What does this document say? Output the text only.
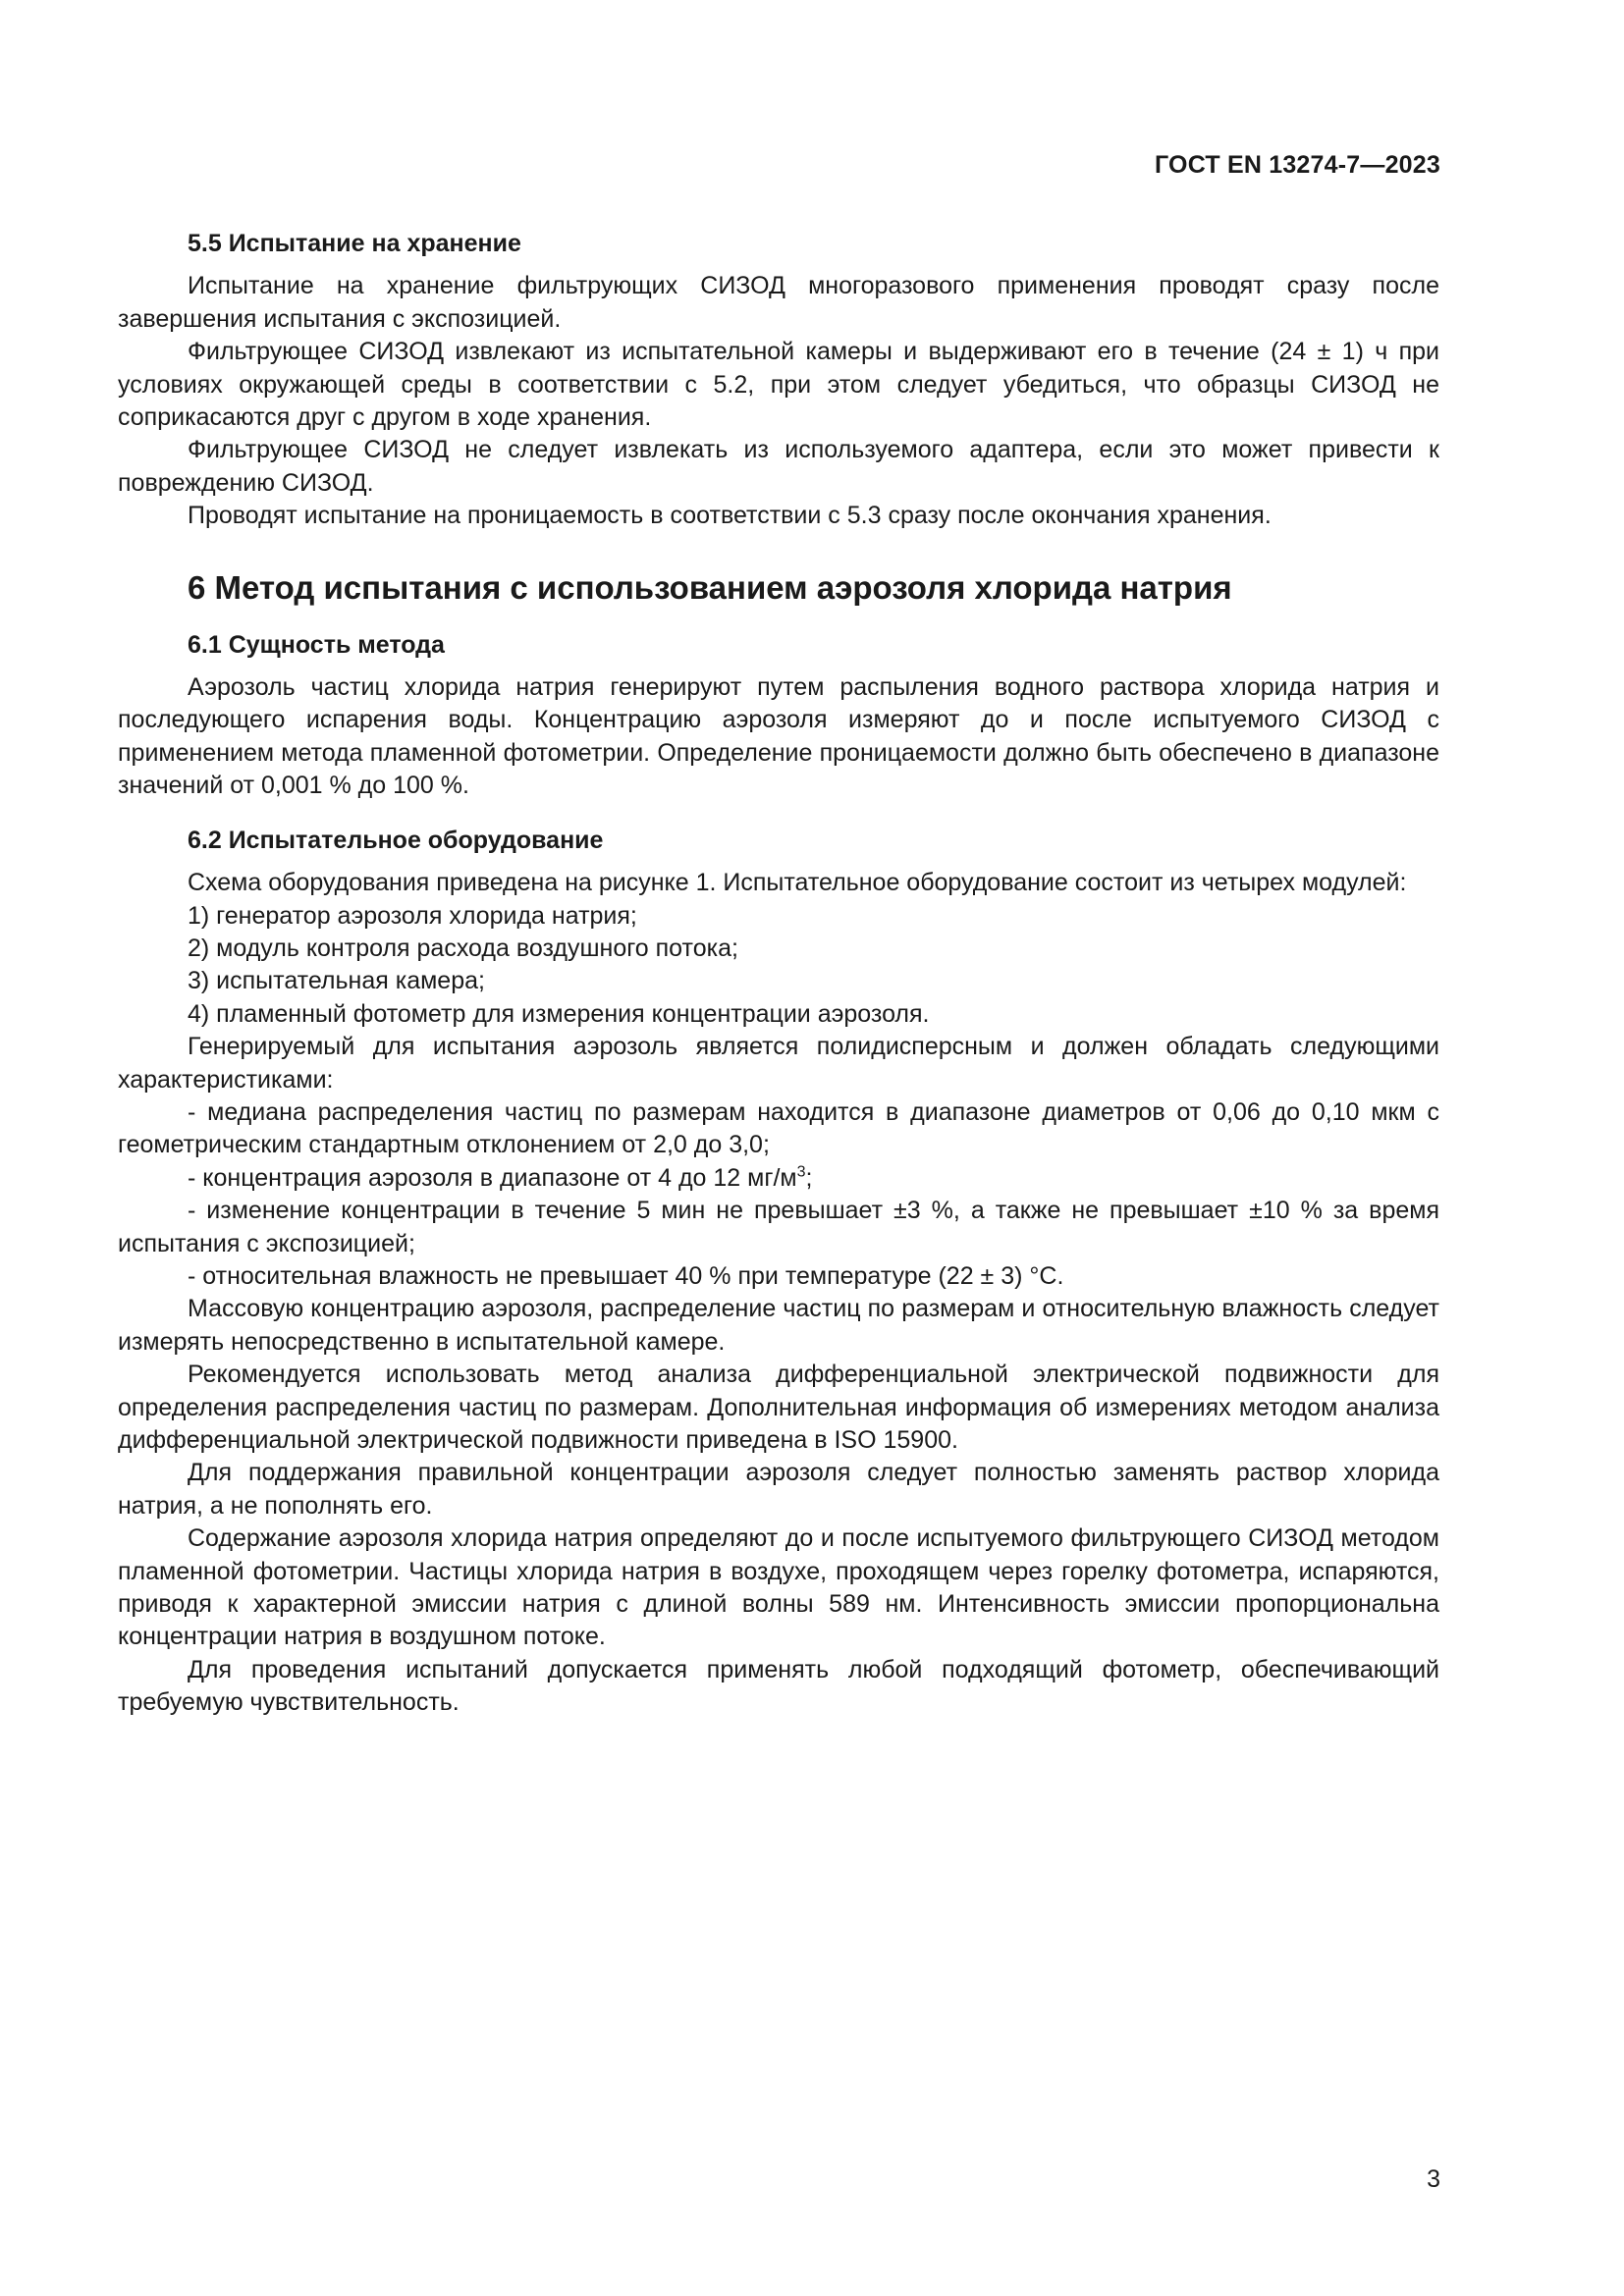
ГОСТ EN 13274-7—2023
5.5 Испытание на хранение

Испытание на хранение фильтрующих СИЗОД многоразового применения проводят сразу после завершения испытания с экспозицией.

Фильтрующее СИЗОД извлекают из испытательной камеры и выдерживают его в течение (24 ± 1) ч при условиях окружающей среды в соответствии с 5.2, при этом следует убедиться, что образцы СИЗОД не соприкасаются друг с другом в ходе хранения.

Фильтрующее СИЗОД не следует извлекать из используемого адаптера, если это может привести к повреждению СИЗОД.

Проводят испытание на проницаемость в соответствии с 5.3 сразу после окончания хранения.

6 Метод испытания с использованием аэрозоля хлорида натрия
6.1 Сущность метода

Аэрозоль частиц хлорида натрия генерируют путем распыления водного раствора хлорида натрия и последующего испарения воды. Концентрацию аэрозоля измеряют до и после испытуемого СИЗОД с применением метода пламенной фотометрии. Определение проницаемости должно быть обеспечено в диапазоне значений от 0,001 % до 100 %.

6.2 Испытательное оборудование

Схема оборудования приведена на рисунке 1. Испытательное оборудование состоит из четырех модулей:

1) генератор аэрозоля хлорида натрия;

2) модуль контроля расхода воздушного потока;

3) испытательная камера;

4) пламенный фотометр для измерения концентрации аэрозоля.

Генерируемый для испытания аэрозоль является полидисперсным и должен обладать следующими характеристиками:

- медиана распределения частиц по размерам находится в диапазоне диаметров от 0,06 до 0,10 мкм с геометрическим стандартным отклонением от 2,0 до 3,0;

- концентрация аэрозоля в диапазоне от 4 до 12 $мг/м^3$;

- изменение концентрации в течение 5 мин не превышает ±3 %, а также не превышает ±10 % за время испытания с экспозицией;

- относительная влажность не превышает 40 % при температуре (22 ± 3) °С.

Массовую концентрацию аэрозоля, распределение частиц по размерам и относительную влажность следует измерять непосредственно в испытательной камере.

Рекомендуется использовать метод анализа дифференциальной электрической подвижности для определения распределения частиц по размерам. Дополнительная информация об измерениях методом анализа дифференциальной электрической подвижности приведена в ISO 15900.

Для поддержания правильной концентрации аэрозоля следует полностью заменять раствор хлорида натрия, а не пополнять его.

Содержание аэрозоля хлорида натрия определяют до и после испытуемого фильтрующего СИЗОД методом пламенной фотометрии. Частицы хлорида натрия в воздухе, проходящем через горелку фотометра, испаряются, приводя к характерной эмиссии натрия с длиной волны 589 нм. Интенсивность эмиссии пропорциональна концентрации натрия в воздушном потоке.

Для проведения испытаний допускается применять любой подходящий фотометр, обеспечивающий требуемую чувствительность.

3
